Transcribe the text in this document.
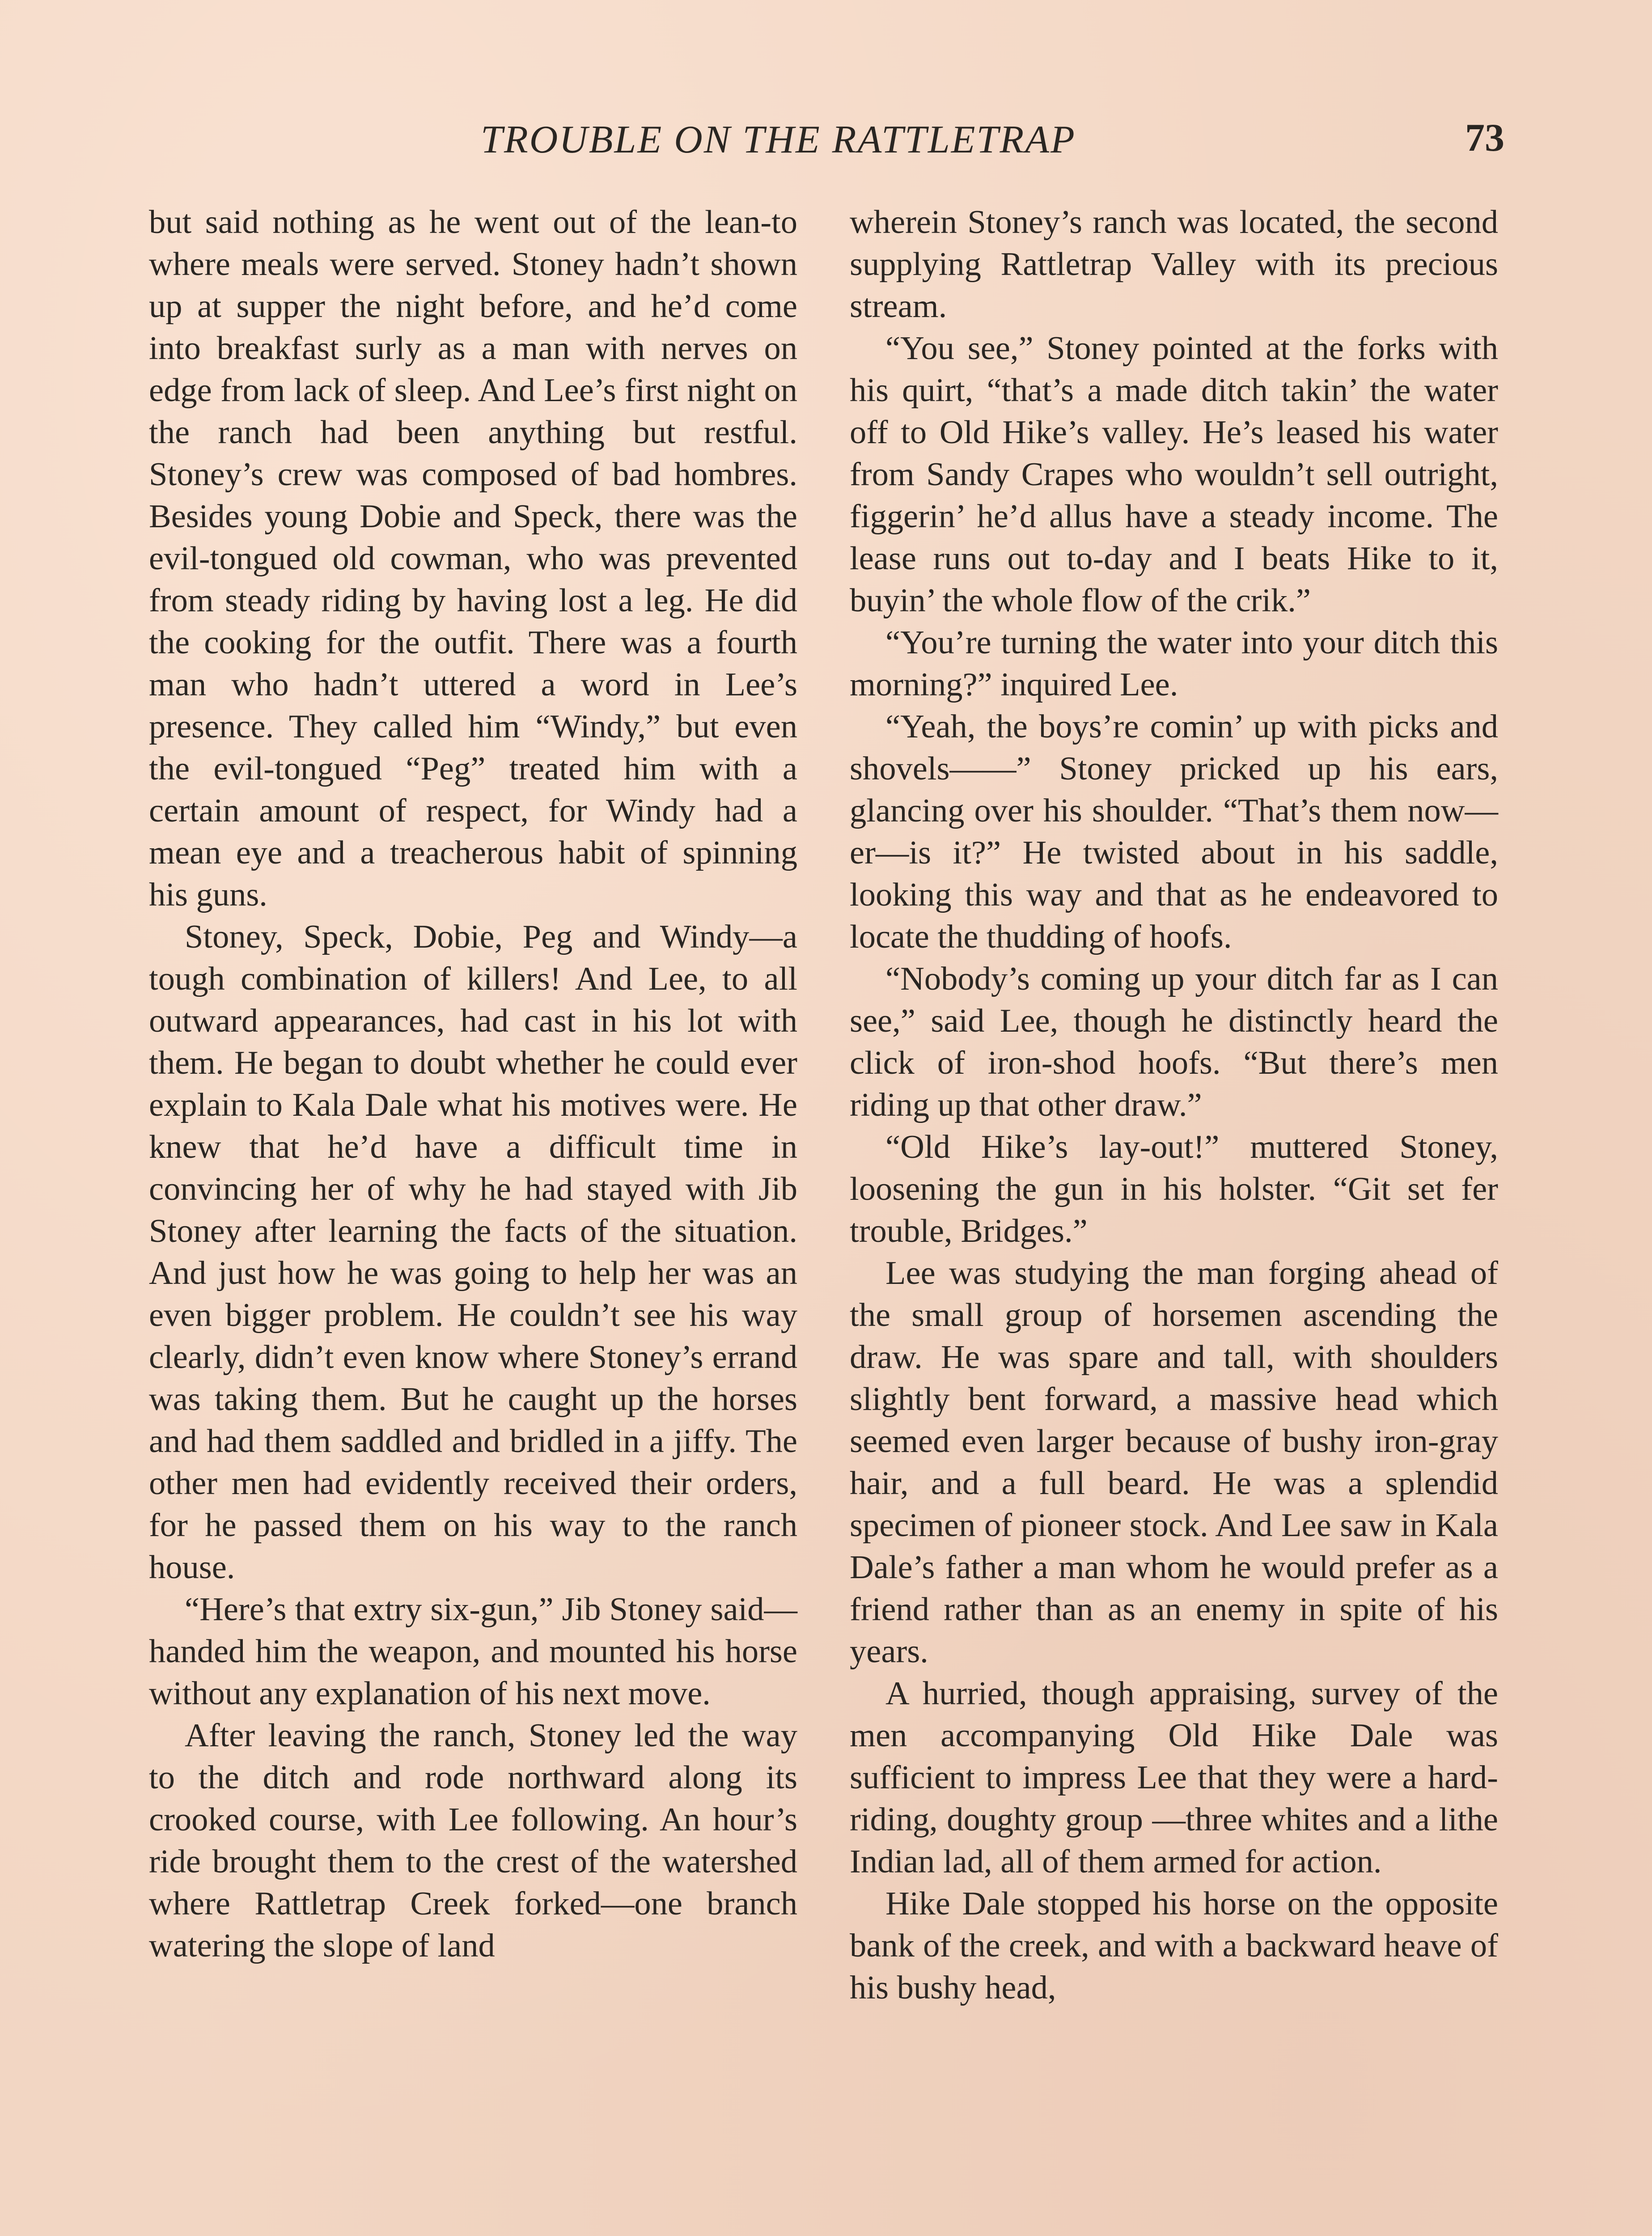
TROUBLE ON THE RATTLETRAP	73

but said nothing as he went out of the lean-to where meals were served. Stoney hadn’t shown up at supper the night before, and he’d come into breakfast surly as a man with nerves on edge from lack of sleep. And Lee’s first night on the ranch had been anything but restful. Stoney’s crew was composed of bad hombres. Besides young Dobie and Speck, there was the evil-tongued old cowman, who was prevented from steady riding by having lost a leg. He did the cooking for the outfit. There was a fourth man who hadn’t uttered a word in Lee’s presence. They called him “Windy,” but even the evil-tongued “Peg” treated him with a certain amount of respect, for Windy had a mean eye and a treacherous habit of spinning his guns.

Stoney, Speck, Dobie, Peg and Windy—a tough combination of killers! And Lee, to all outward appearances, had cast in his lot with them. He began to doubt whether he could ever explain to Kala Dale what his motives were. He knew that he’d have a difficult time in convincing her of why he had stayed with Jib Stoney after learning the facts of the situation. And just how he was going to help her was an even bigger problem. He couldn’t see his way clearly, didn’t even know where Stoney’s errand was taking them. But he caught up the horses and had them saddled and bridled in a jiffy. The other men had evidently received their orders, for he passed them on his way to the ranch house.

“Here’s that extry six-gun,” Jib Stoney said—handed him the weapon, and mounted his horse without any explanation of his next move.

After leaving the ranch, Stoney led the way to the ditch and rode northward along its crooked course, with Lee following. An hour’s ride brought them to the crest of the watershed where Rattletrap Creek forked—one branch watering the slope of land

wherein Stoney’s ranch was located, the second supplying Rattletrap Valley with its precious stream.

“You see,” Stoney pointed at the forks with his quirt, “that’s a made ditch takin’ the water off to Old Hike’s valley. He’s leased his water from Sandy Crapes who wouldn’t sell outright, figgerin’ he’d allus have a steady income. The lease runs out to-day and I beats Hike to it, buyin’ the whole flow of the crik.”

“You’re turning the water into your ditch this morning?” inquired Lee.

“Yeah, the boys’re comin’ up with picks and shovels——” Stoney pricked up his ears, glancing over his shoulder. “That’s them now—er—is it?” He twisted about in his saddle, looking this way and that as he endeavored to locate the thudding of hoofs.

“Nobody’s coming up your ditch far as I can see,” said Lee, though he distinctly heard the click of iron-shod hoofs. “But there’s men riding up that other draw.”

“Old Hike’s lay-out!” muttered Stoney, loosening the gun in his holster. “Git set fer trouble, Bridges.”

Lee was studying the man forging ahead of the small group of horsemen ascending the draw. He was spare and tall, with shoulders slightly bent forward, a massive head which seemed even larger because of bushy iron-gray hair, and a full beard. He was a splendid specimen of pioneer stock. And Lee saw in Kala Dale’s father a man whom he would prefer as a friend rather than as an enemy in spite of his years.

A hurried, though appraising, survey of the men accompanying Old Hike Dale was sufficient to impress Lee that they were a hard-riding, doughty group —three whites and a lithe Indian lad, all of them armed for action.

Hike Dale stopped his horse on the opposite bank of the creek, and with a backward heave of his bushy head,
